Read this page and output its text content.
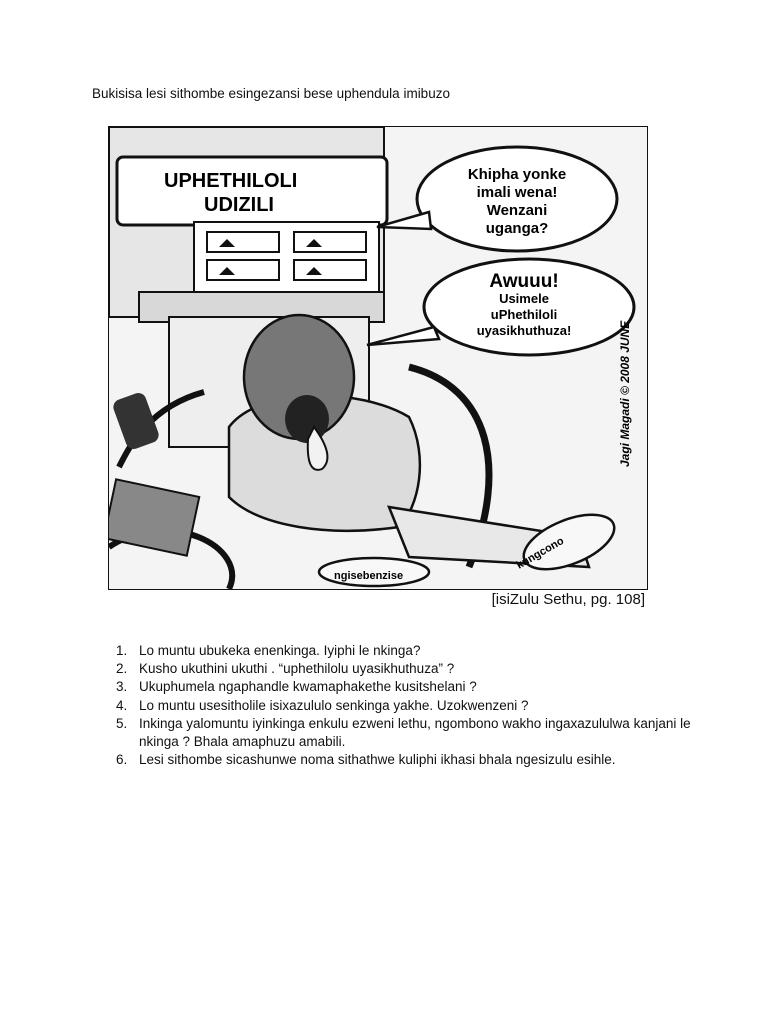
Bukisisa lesi sithombe esingezansi bese uphendula imibuzo
UPHETHILOLI
UDIZILI
Khipha yonke
imali wena!
Wenzani
uganga?
Awuuu!
Usimele
uPhethiloli
uyasikhuthuza!	Jagi Magadi © 2008 JUNE
kungcono
ngisebenzise
[isiZulu Sethu, pg. 108]
1. Lo muntu ubukeka enenkinga. Iyiphi le nkinga?
2. Kusho ukuthini ukuthi . “uphethilolu uyasikhuthuza” ?
3. Ukuphumela ngaphandle kwamaphakethe kusitshelani ?
4. Lo muntu usesitholile isixazululo senkinga yakhe. Uzokwenzeni ?
5. Inkinga yalomuntu iyinkinga enkulu ezweni lethu, ngombono wakho ingaxazululwa kanjani le nkinga ? Bhala amaphuzu amabili.
6. Lesi sithombe sicashunwe noma sithathwe kuliphi ikhasi bhala ngesizulu esihle.
